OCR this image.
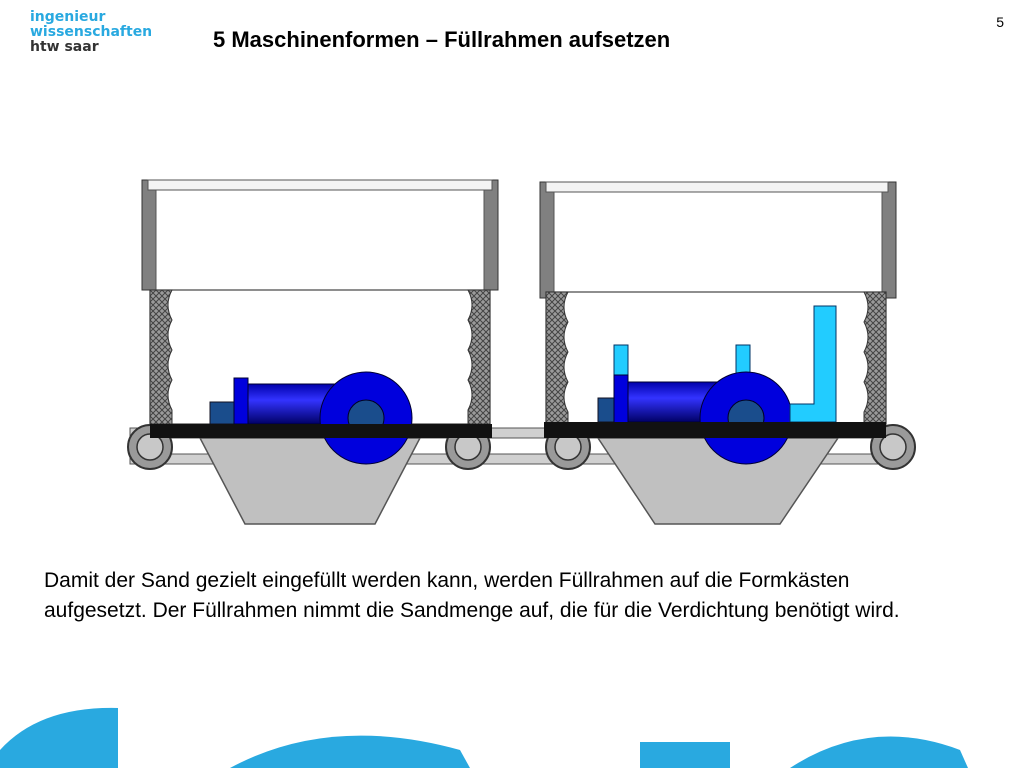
ingenieur
wissenschaften
htw saar
5
5 Maschinenformen – Füllrahmen aufsetzen

Damit der Sand gezielt eingefüllt werden kann, werden Füllrahmen auf die Formkästen aufgesetzt. Der Füllrahmen nimmt die Sandmenge auf, die für die Verdichtung benötigt wird.
